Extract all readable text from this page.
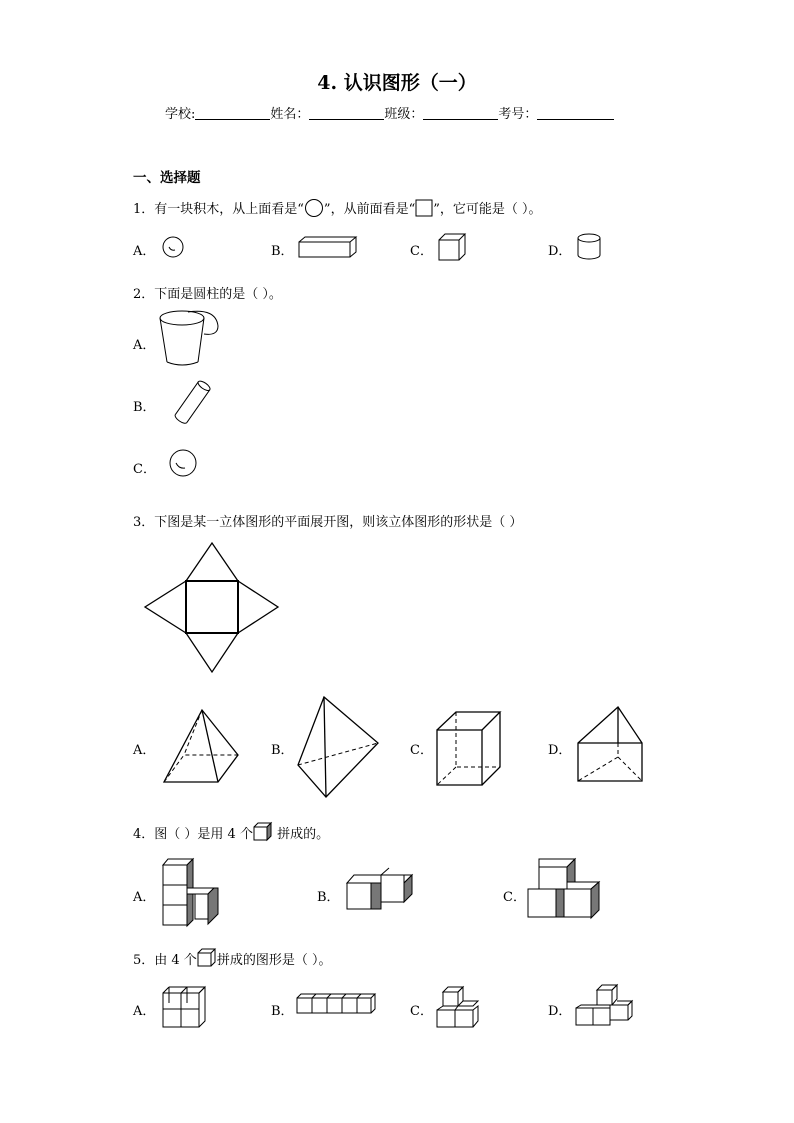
4. 认识图形（一）
学校:	姓名：	班级：	考号：
一、选择题
1．有一块积木，从上面看是“ ”，从前面看是“ ”，它可能是（ ）。
A．	B．	C．	D．
2．下面是圆柱的是（ ）。
A．
B．
C．
3．下图是某一立体图形的平面展开图，则该立体图形的形状是（ ）
A．	B．	C．	D．
4．图（ ）是用 4 个 拼成的。
A．	B．	C．
5．由 4 个 拼成的图形是（ ）。
A．	B．	C．	D．
